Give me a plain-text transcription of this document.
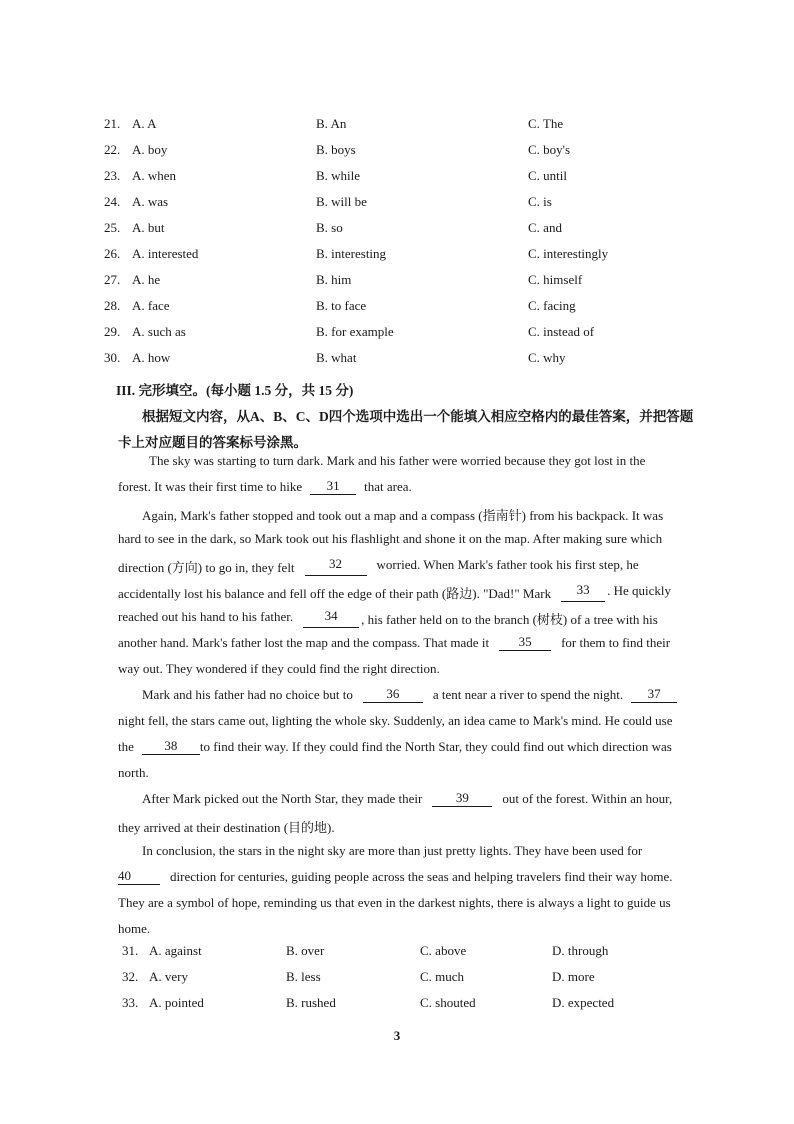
21. A. A	B. An	C. The
22. A. boy	B. boys	C. boy's
23. A. when	B. while	C. until
24. A. was	B. will be	C. is
25. A. but	B. so	C. and
26. A. interested	B. interesting	C. interestingly
27. A. he	B. him	C. himself
28. A. face	B. to face	C. facing
29. A. such as	B. for example	C. instead of
30. A. how	B. what	C. why
III. 完形填空。(每小题 1.5 分，共 15 分)
根据短文内容，从A、B、C、D四个选项中选出一个能填入相应空格内的最佳答案，并把答题
卡上对应题目的答案标号涂黑。
The sky was starting to turn dark. Mark and his father were worried because they got lost in the
forest. It was their first time to hike	31	that area.
Again, Mark's father stopped and took out a map and a compass (指南针) from his backpack. It was
hard to see in the dark, so Mark took out his flashlight and shone it on the map. After making sure which
direction (方向) to go in, they felt	32	worried. When Mark's father took his first step, he
accidentally lost his balance and fell off the edge of their path (路边). "Dad!" Mark	33	. He quickly
reached out his hand to his father.	34	, his father held on to the branch (树枝) of a tree with his
another hand. Mark's father lost the map and the compass. That made it	35	for them to find their
way out. They wondered if they could find the right direction.
Mark and his father had no choice but to	36	a tent near a river to spend the night.	37
night fell, the stars came out, lighting the whole sky. Suddenly, an idea came to Mark's mind. He could use
the	38	to find their way. If they could find the North Star, they could find out which direction was
north.
After Mark picked out the North Star, they made their	39	out of the forest. Within an hour,
they arrived at their destination (目的地).
In conclusion, the stars in the night sky are more than just pretty lights. They have been used for
40	direction for centuries, guiding people across the seas and helping travelers find their way home.
They are a symbol of hope, reminding us that even in the darkest nights, there is always a light to guide us
home.
31. A. against	B. over	C. above	D. through
32. A. very	B. less	C. much	D. more
33. A. pointed	B. rushed	C. shouted	D. expected
3
